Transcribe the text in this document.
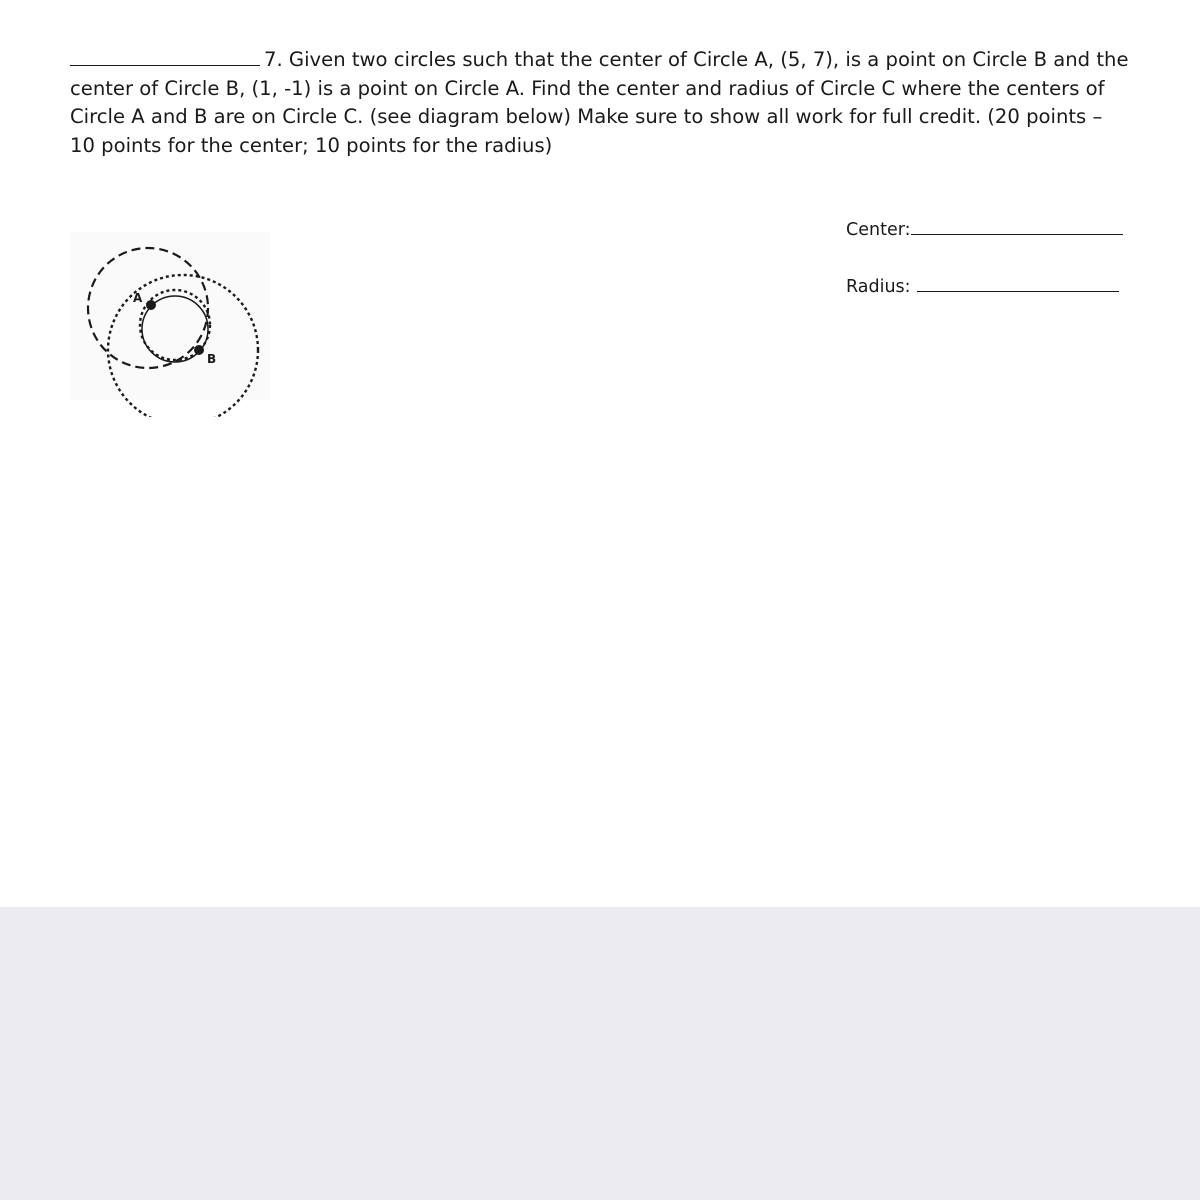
7. Given two circles such that the center of Circle A, (5, 7), is a point on Circle B and the center of Circle B, (1, -1) is a point on Circle A. Find the center and radius of Circle C where the centers of Circle A and B are on Circle C. (see diagram below) Make sure to show all work for full credit. (20 points – 10 points for the center; 10 points for the radius)

Center:
Radius:
A
B
